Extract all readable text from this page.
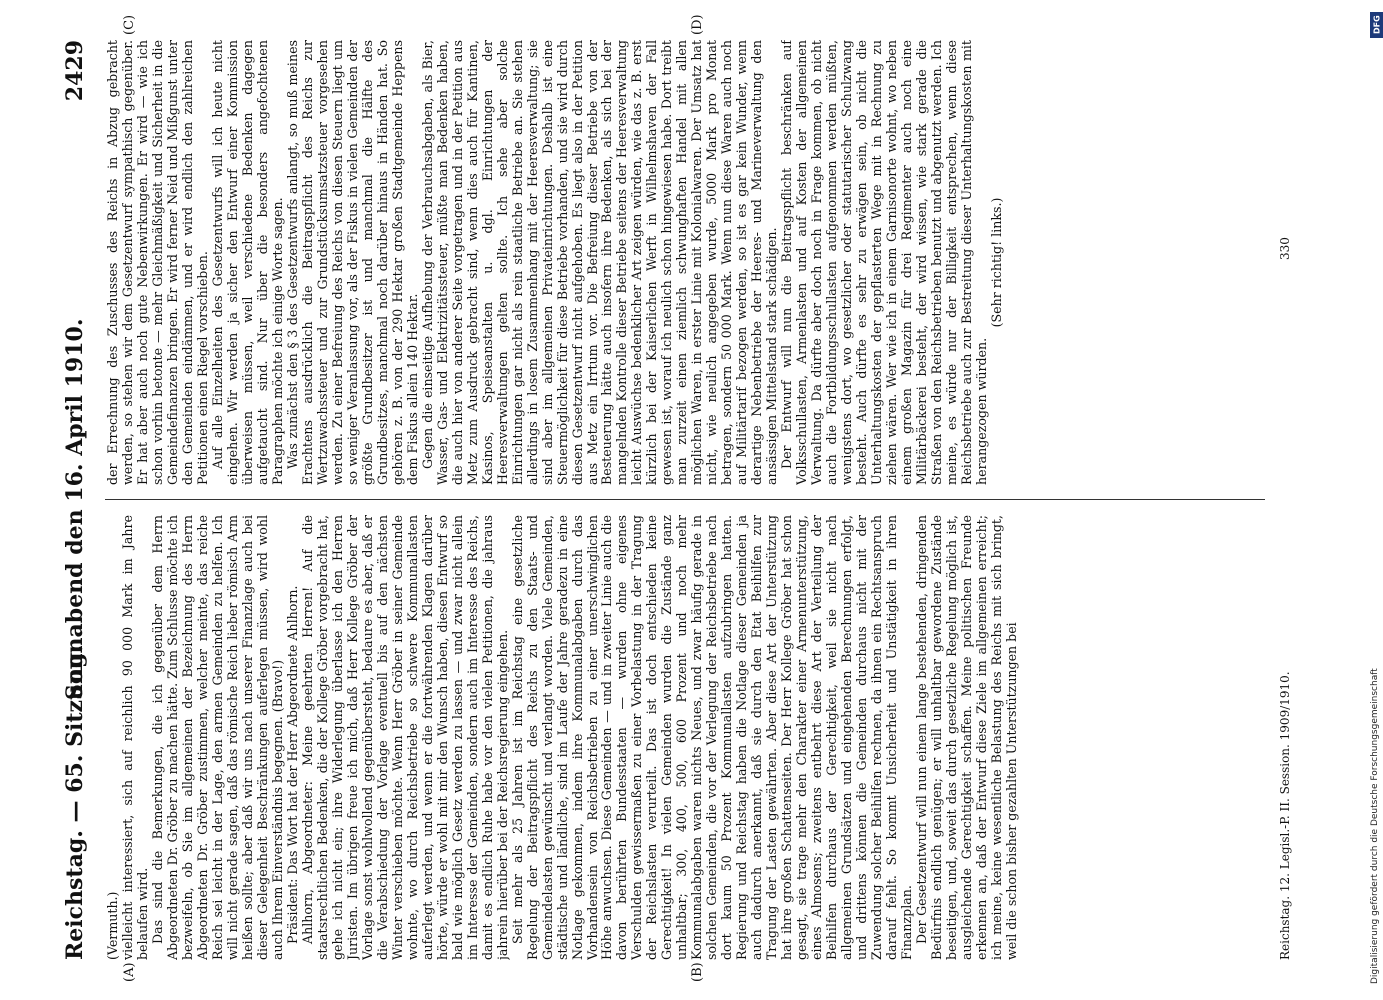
Reichstag. — 65. Sitzung.
Sonnabend den 16. April 1910.
2429
(A)	(B)
(C)	(D)

(Vermuth.) vielleicht interessiert, sich auf reichlich 90 000 Mark im Jahre belaufen wird. Das sind die Bemerkungen, die ich gegenüber dem Herrn Abgeordneten Dr. Gröber zu machen hätte. Zum Schlusse möchte ich bezweifeln, ob Sie im allgemeinen der Bezeichnung des Herrn Abgeordneten Dr. Gröber zustimmen, welcher meinte, das reiche Reich sei leicht in der Lage, den armen Gemeinden zu helfen. Ich will nicht gerade sagen, daß das römische Reich lieber römisch Arm heißen sollte; aber daß wir uns nach unserer Finanzlage auch bei dieser Gelegenheit Beschränkungen auferlegen müssen, wird wohl auch Ihrem Einverständnis begegnen. (Bravo!) Präsident: Das Wort hat der Herr Abgeordnete Ahlhorn. Ahlhorn, Abgeordneter: Meine geehrten Herren! Auf die staatsrechtlichen Bedenken, die der Kollege Gröber vorgebracht hat, gehe ich nicht ein; ihre Widerlegung überlasse ich den Herren Juristen. Im übrigen freue ich mich, daß Herr Kollege Gröber der Vorlage sonst wohlwollend gegenübersteht, bedaure es aber, daß er die Verabschiedung der Vorlage eventuell bis auf den nächsten Winter verschieben möchte. Wenn Herr Gröber in seiner Gemeinde wohnte, wo durch Reichsbetriebe so schwere Kommunallasten auferlegt werden, und wenn er die fortwährenden Klagen darüber hörte, würde er wohl mit mir den Wunsch haben, diesen Entwurf so bald wie möglich Gesetz werden zu lassen — und zwar nicht allein im Interesse der Gemeinden, sondern auch im Interesse des Reichs, damit es endlich Ruhe habe vor den vielen Petitionen, die jahraus jahrein hierüber bei der Reichsregierung eingehen. Seit mehr als 25 Jahren ist im Reichstag eine gesetzliche Regelung der Beitragspflicht des Reichs zu den Staats- und Gemeindelasten gewünscht und verlangt worden. Viele Gemeinden, städtische und ländliche, sind im Laufe der Jahre geradezu in eine Notlage gekommen, indem ihre Kommunalabgaben durch das Vorhandensein von Reichsbetrieben zu einer unerschwinglichen Höhe anwuchsen. Diese Gemeinden — und in zweiter Linie auch die davon berührten Bundesstaaten — wurden ohne eigenes Verschulden gewissermaßen zu einer Vorbelastung in der Tragung der Reichslasten verurteilt. Das ist doch entschieden keine Gerechtigkeit! In vielen Gemeinden wurden die Zustände ganz unhaltbar; 300, 400, 500, 600 Prozent und noch mehr Kommunalabgaben waren nichts Neues, und zwar häufig gerade in solchen Gemeinden, die vor der Verlegung der Reichsbetriebe nach dort kaum 50 Prozent Kommunallasten aufzubringen hatten. Regierung und Reichstag haben die Notlage dieser Gemeinden ja auch dadurch anerkannt, daß sie durch den Etat Beihilfen zur Tragung der Lasten gewährten. Aber diese Art der Unterstützung hat ihre großen Schattenseiten. Der Herr Kollege Gröber hat schon gesagt, sie trage mehr den Charakter einer Armenunterstützung, eines Almosens; zweitens entbehrt diese Art der Verteilung der Beihilfen durchaus der Gerechtigkeit, weil sie nicht nach allgemeinen Grundsätzen und eingehenden Berechnungen erfolgt, und drittens können die Gemeinden durchaus nicht mit der Zuwendung solcher Beihilfen rechnen, da ihnen ein Rechtsanspruch darauf fehlt. So kommt Unsicherheit und Unstätigkeit in ihren Finanzplan. Der Gesetzentwurf will nun einem lange bestehenden, dringenden Bedürfnis endlich genügen; er will unhaltbar gewordene Zustände beseitigen, und, soweit das durch gesetzliche Regelung möglich ist, ausgleichende Gerechtigkeit schaffen. Meine politischen Freunde erkennen an, daß der Entwurf diese Ziele im allgemeinen erreicht; ich meine, keine wesentliche Belastung des Reichs mit sich bringt, weil die schon bisher gezahlten Unterstützungen bei

der Errechnung des Zuschusses des Reichs in Abzug gebracht werden, so stehen wir dem Gesetzentwurf sympathisch gegenüber. Er hat aber auch noch gute Nebenwirkungen. Er wird — wie ich schon vorhin betonte — mehr Gleichmäßigkeit und Sicherheit in die Gemeindefinanzen bringen. Er wird ferner Neid und Mißgunst unter den Gemeinden eindämmen, und er wird endlich den zahlreichen Petitionen einen Riegel vorschieben. Auf alle Einzelheiten des Gesetzentwurfs will ich heute nicht eingehen. Wir werden ja sicher den Entwurf einer Kommission überweisen müssen, weil verschiedene Bedenken dagegen aufgetaucht sind. Nur über die besonders angefochtenen Paragraphen möchte ich einige Worte sagen. Was zunächst den § 3 des Gesetzentwurfs anlangt, so muß meines Erachtens ausdrücklich die Beitragspflicht des Reichs zur Wertzuwachssteuer und zur Grundstücksumsatzsteuer vorgesehen werden. Zu einer Befreiung des Reichs von diesen Steuern liegt um so weniger Veranlassung vor, als der Fiskus in vielen Gemeinden der größte Grundbesitzer ist und manchmal die Hälfte des Grundbesitzes, manchmal noch darüber hinaus in Händen hat. So gehören z. B. von der 290 Hektar großen Stadtgemeinde Heppens dem Fiskus allein 140 Hektar. Gegen die einseitige Aufhebung der Verbrauchsabgaben, als Bier, Wasser, Gas- und Elektrizitätssteuer, müßte man Bedenken haben, die auch hier von anderer Seite vorgetragen und in der Petition aus Metz zum Ausdruck gebracht sind, wenn dies auch für Kantinen, Kasinos, Speiseanstalten u. dgl. Einrichtungen der Heeresverwaltungen gelten sollte. Ich sehe aber solche Einrichtungen gar nicht als rein staatliche Betriebe an. Sie stehen allerdings in losem Zusammenhang mit der Heeresverwaltung; sie sind aber im allgemeinen Privateinrichtungen. Deshalb ist eine Steuermöglichkeit für diese Betriebe vorhanden, und sie wird durch diesen Gesetzentwurf nicht aufgehoben. Es liegt also in der Petition aus Metz ein Irrtum vor. Die Befreiung dieser Betriebe von der Besteuerung hätte auch insofern ihre Bedenken, als sich bei der mangelnden Kontrolle dieser Betriebe seitens der Heeresverwaltung leicht Auswüchse bedenklicher Art zeigen würden, wie das z. B. erst kürzlich bei der Kaiserlichen Werft in Wilhelmshaven der Fall gewesen ist, worauf ich neulich schon hingewiesen habe. Dort treibt man zurzeit einen ziemlich schwunghaften Handel mit allen möglichen Waren, in erster Linie mit Kolonialwaren. Der Umsatz hat nicht, wie neulich angegeben wurde, 5000 Mark pro Monat betragen, sondern 50 000 Mark. Wenn nun diese Waren auch noch auf Militärtarif bezogen werden, so ist es gar kein Wunder, wenn derartige Nebenbetriebe der Heeres- und Marineverwaltung den ansässigen Mittelstand stark schädigen. Der Entwurf will nun die Beitragspflicht beschränken auf Volksschullasten, Armenlasten und auf Kosten der allgemeinen Verwaltung. Da dürfte aber doch noch in Frage kommen, ob nicht auch die Fortbildungsschullasten aufgenommen werden müßten, wenigstens dort, wo gesetzlicher oder statutarischer Schulzwang besteht. Auch dürfte es sehr zu erwägen sein, ob nicht die Unterhaltungskosten der gepflasterten Wege mit in Rechnung zu ziehen wären. Wer wie ich in einem Garnisonorte wohnt, wo neben einem großen Magazin für drei Regimenter auch noch eine Militärbäckerei besteht, der wird wissen, wie stark gerade die Straßen von den Reichsbetrieben benutzt und abgenutzt werden. Ich meine, es würde nur der Billigkeit entsprechen, wenn diese Reichsbetriebe auch zur Bestreitung dieser Unterhaltungskosten mit herangezogen würden.

(Sehr richtig! links.)

Reichstag. 12. Legisl.-P. II. Session. 1909/1910.
330
DFG
Digitalisierung gefördert durch die Deutsche Forschungsgemeinschaft
